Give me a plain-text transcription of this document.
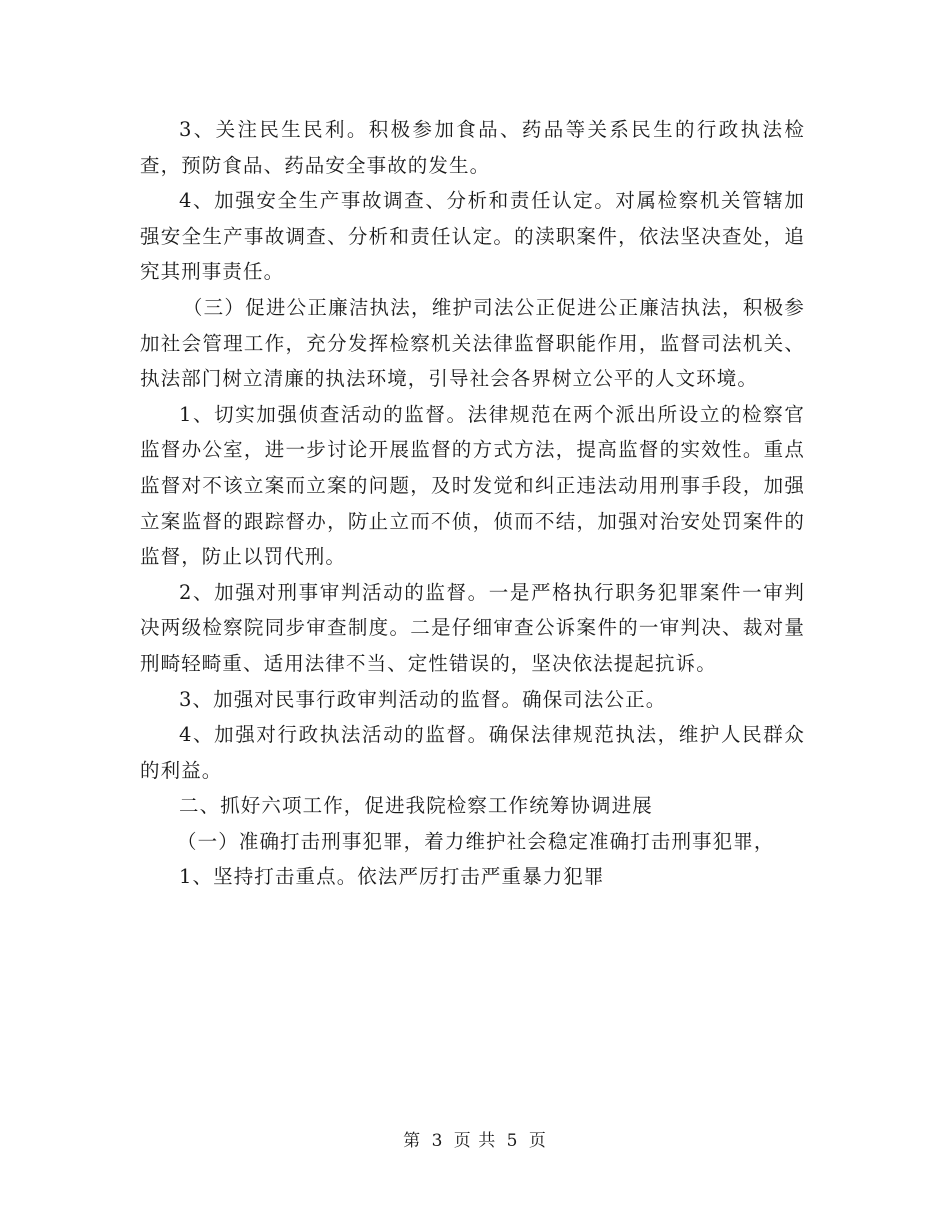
3、关注民生民利。积极参加食品、药品等关系民生的行政执法检查，预防食品、药品安全事故的发生。

4、加强安全生产事故调查、分析和责任认定。对属检察机关管辖加强安全生产事故调查、分析和责任认定。的渎职案件，依法坚决查处，追究其刑事责任。

（三）促进公正廉洁执法，维护司法公正促进公正廉洁执法，积极参加社会管理工作，充分发挥检察机关法律监督职能作用，监督司法机关、执法部门树立清廉的执法环境，引导社会各界树立公平的人文环境。

1、切实加强侦查活动的监督。法律规范在两个派出所设立的检察官监督办公室，进一步讨论开展监督的方式方法，提高监督的实效性。重点监督对不该立案而立案的问题，及时发觉和纠正违法动用刑事手段，加强立案监督的跟踪督办，防止立而不侦，侦而不结，加强对治安处罚案件的监督，防止以罚代刑。

2、加强对刑事审判活动的监督。一是严格执行职务犯罪案件一审判决两级检察院同步审查制度。二是仔细审查公诉案件的一审判决、裁对量刑畸轻畸重、适用法律不当、定性错误的，坚决依法提起抗诉。

3、加强对民事行政审判活动的监督。确保司法公正。

4、加强对行政执法活动的监督。确保法律规范执法，维护人民群众的利益。

二、抓好六项工作，促进我院检察工作统筹协调进展

（一）准确打击刑事犯罪，着力维护社会稳定准确打击刑事犯罪，

1、坚持打击重点。依法严厉打击严重暴力犯罪

第 3 页 共 5 页
